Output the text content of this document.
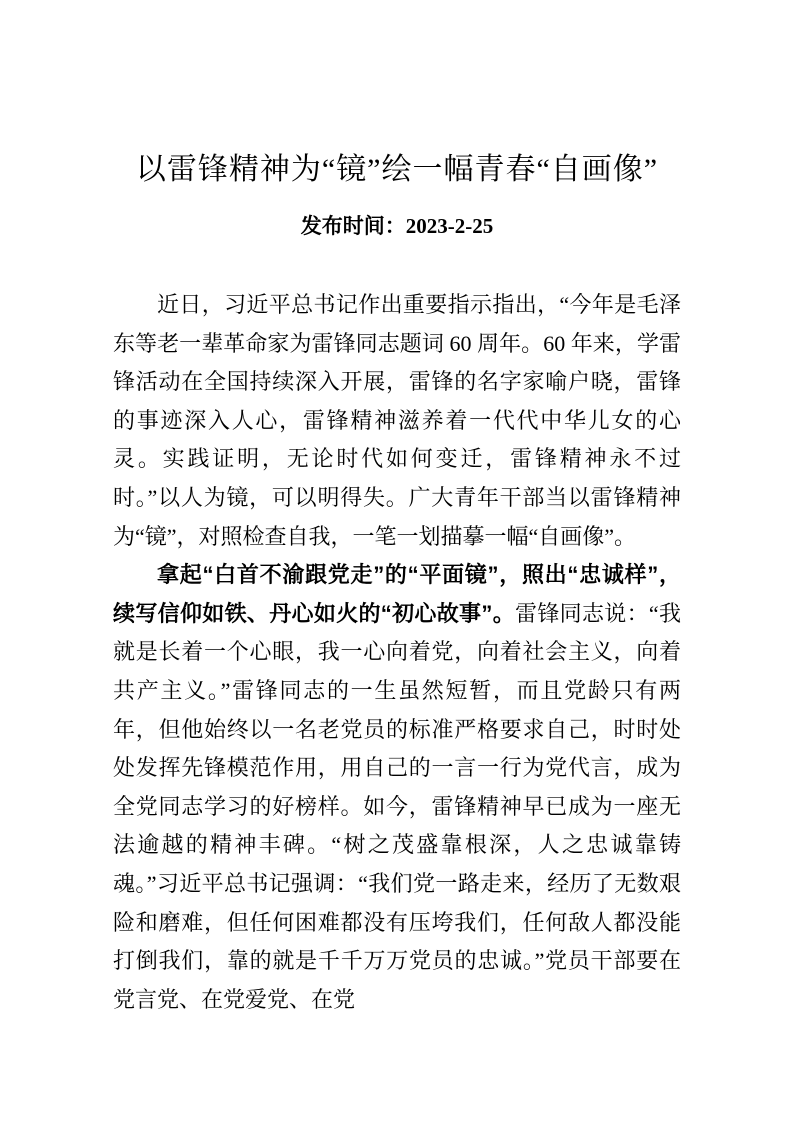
以雷锋精神为“镜”绘一幅青春“自画像”
发布时间：2023-2-25

近日，习近平总书记作出重要指示指出，“今年是毛泽东等老一辈革命家为雷锋同志题词 60 周年。60 年来，学雷锋活动在全国持续深入开展，雷锋的名字家喻户晓，雷锋的事迹深入人心，雷锋精神滋养着一代代中华儿女的心灵。实践证明，无论时代如何变迁，雷锋精神永不过时。”以人为镜，可以明得失。广大青年干部当以雷锋精神为“镜”，对照检查自我，一笔一划描摹一幅“自画像”。

拿起“白首不渝跟党走”的“平面镜”，照出“忠诚样”，续写信仰如铁、丹心如火的“初心故事”。雷锋同志说：“我就是长着一个心眼，我一心向着党，向着社会主义，向着共产主义。”雷锋同志的一生虽然短暂，而且党龄只有两年，但他始终以一名老党员的标准严格要求自己，时时处处发挥先锋模范作用，用自己的一言一行为党代言，成为全党同志学习的好榜样。如今，雷锋精神早已成为一座无法逾越的精神丰碑。“树之茂盛靠根深，人之忠诚靠铸魂。”习近平总书记强调：“我们党一路走来，经历了无数艰险和磨难，但任何困难都没有压垮我们，任何敌人都没能打倒我们，靠的就是千千万万党员的忠诚。”党员干部要在党言党、在党爱党、在党
